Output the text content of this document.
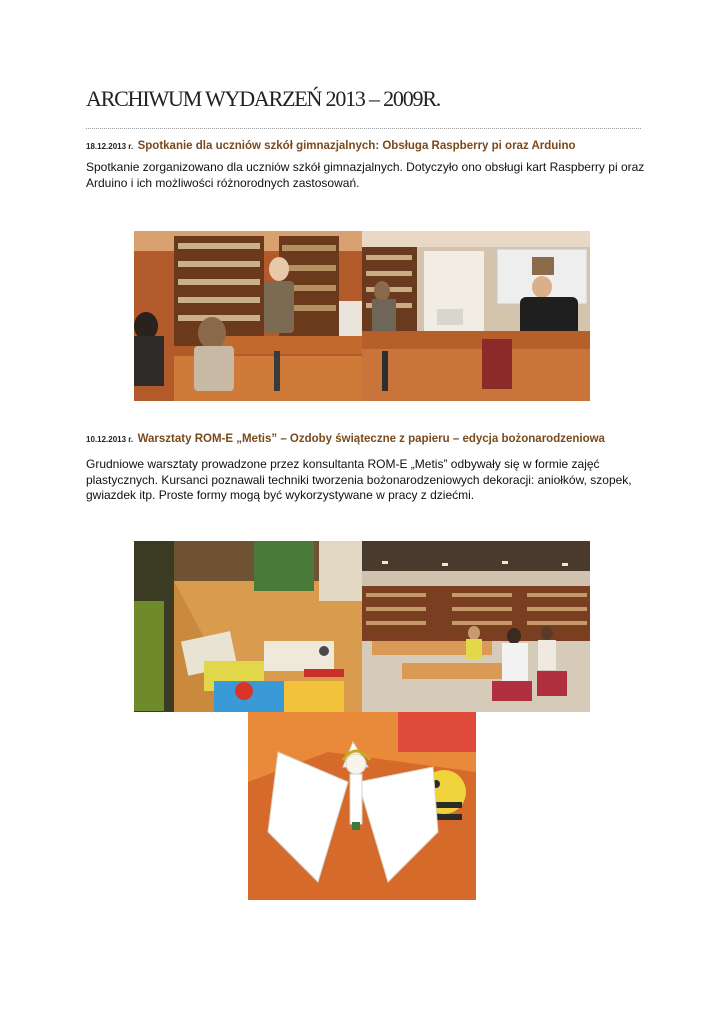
ARCHIWUM WYDARZEŃ 2013 – 2009R.
18.12.2013 r. Spotkanie dla uczniów szkół gimnazjalnych: Obsługa Raspberry pi oraz Arduino
Spotkanie zorganizowano dla uczniów szkół gimnazjalnych. Dotyczyło ono obsługi kart Raspberry pi oraz Arduino i ich możliwości różnorodnych zastosowań.
10.12.2013 r. Warsztaty ROM-E „Metis” – Ozdoby świąteczne z papieru – edycja bożonarodzeniowa
Grudniowe warsztaty prowadzone przez konsultanta ROM-E „Metis” odbywały się w formie zajęć plastycznych. Kursanci poznawali techniki tworzenia bożonarodzeniowych dekoracji: aniołków, szopek, gwiazdek itp. Proste formy mogą być wykorzystywane w pracy z dziećmi.
